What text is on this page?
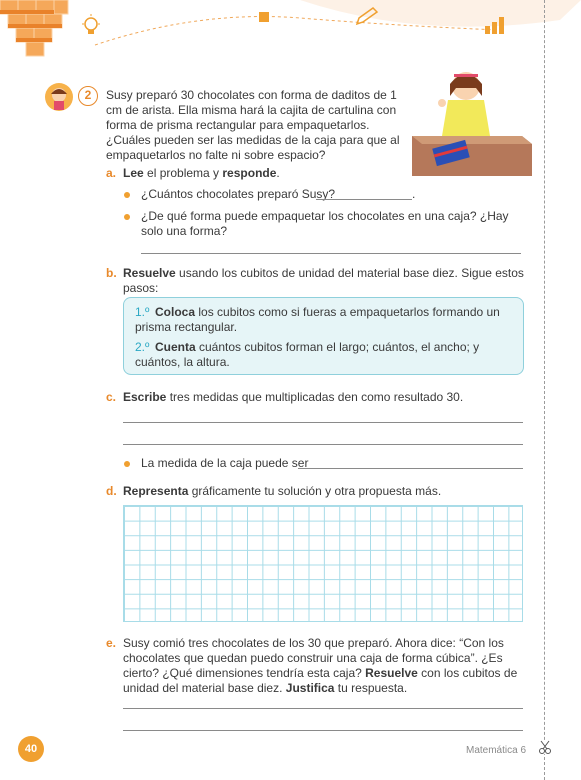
2	Susy preparó 30 chocolates con forma de daditos de 1 cm de arista. Ella misma hará la cajita de cartulina con forma de prisma rectangular para empaquetarlos. ¿Cuáles pueden ser las medidas de la caja para que al empaquetarlos no falte ni sobre espacio?
a. Lee el problema y responde.
¿Cuántos chocolates preparó Susy?	.
¿De qué forma puede empaquetar los chocolates en una caja? ¿Hay solo una forma?
b. Resuelve usando los cubitos de unidad del material base diez. Sigue estos pasos:
1.º Coloca los cubitos como si fueras a empaquetarlos formando un prisma rectangular.
2.º Cuenta cuántos cubitos forman el largo; cuántos, el ancho; y cuántos, la altura.
c. Escribe tres medidas que multiplicadas den como resultado 30.
La medida de la caja puede ser
d. Representa gráficamente tu solución y otra propuesta más.
e. Susy comió tres chocolates de los 30 que preparó. Ahora dice: “Con los chocolates que quedan puedo construir una caja de forma cúbica”. ¿Es cierto? ¿Qué dimensiones tendría esta caja? Resuelve con los cubitos de unidad del material base diez. Justifica tu respuesta.
40	Matemática 6
